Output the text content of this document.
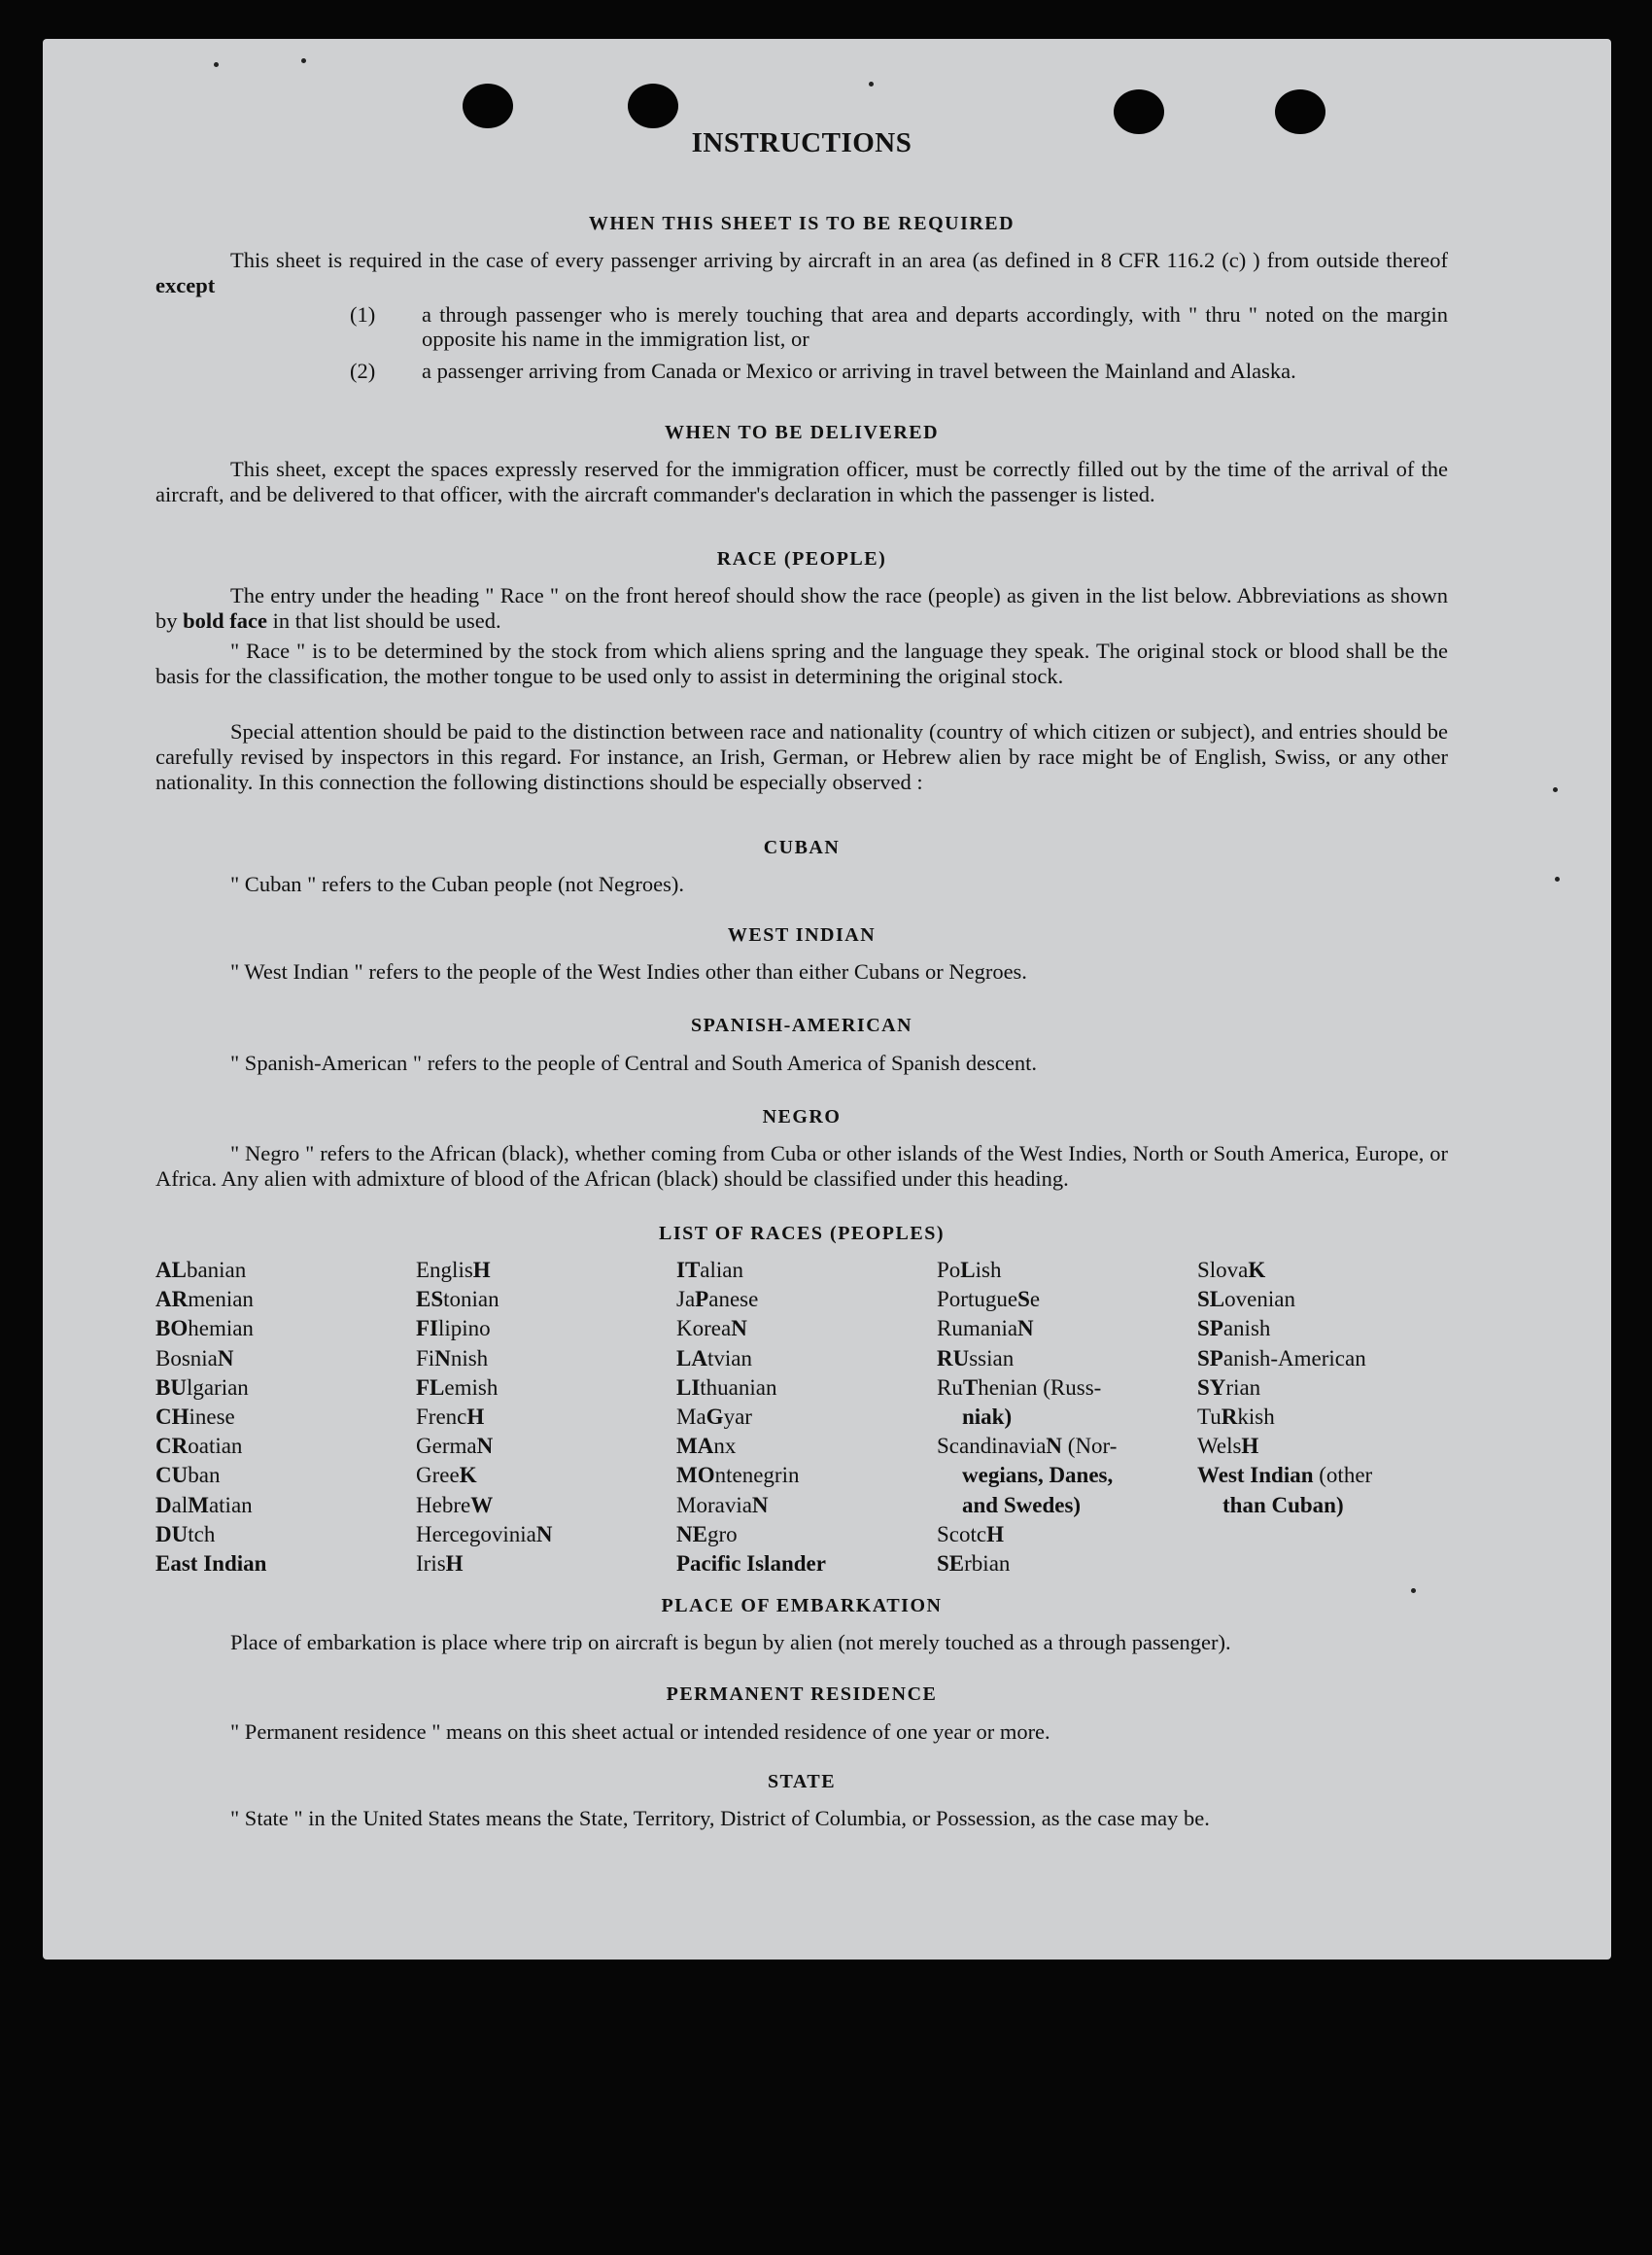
INSTRUCTIONS
WHEN THIS SHEET IS TO BE REQUIRED
This sheet is required in the case of every passenger arriving by aircraft in an area (as defined in 8 CFR 116.2 (c) ) from outside thereof except
(1) a through passenger who is merely touching that area and departs accordingly, with " thru " noted on the margin opposite his name in the immigration list, or
(2) a passenger arriving from Canada or Mexico or arriving in travel between the Mainland and Alaska.
WHEN TO BE DELIVERED
This sheet, except the spaces expressly reserved for the immigration officer, must be correctly filled out by the time of the arrival of the aircraft, and be delivered to that officer, with the aircraft commander's declaration in which the passenger is listed.
RACE (PEOPLE)
The entry under the heading " Race " on the front hereof should show the race (people) as given in the list below. Abbreviations as shown by bold face in that list should be used.
" Race " is to be determined by the stock from which aliens spring and the language they speak. The original stock or blood shall be the basis for the classification, the mother tongue to be used only to assist in determining the original stock.
Special attention should be paid to the distinction between race and nationality (country of which citizen or subject), and entries should be carefully revised by inspectors in this regard. For instance, an Irish, German, or Hebrew alien by race might be of English, Swiss, or any other nationality. In this connection the following distinctions should be especially observed :
CUBAN
" Cuban " refers to the Cuban people (not Negroes).
WEST INDIAN
" West Indian " refers to the people of the West Indies other than either Cubans or Negroes.
SPANISH-AMERICAN
" Spanish-American " refers to the people of Central and South America of Spanish descent.
NEGRO
" Negro " refers to the African (black), whether coming from Cuba or other islands of the West Indies, North or South America, Europe, or Africa. Any alien with admixture of blood of the African (black) should be classified under this heading.
LIST OF RACES (PEOPLES)
ALbanian
ARmenian
BOhemian
BosniaN
BUlgarian
CHinese
CRoatian
CUban
DalMatian
DUtch
East Indian
EnglisH
EStonian
FIlipino
FiNnish
FLemish
FrencH
GermaN
GreeK
HebreW
HercegoviniaN
IrisH
ITalian
JaPanese
KoreaN
LAtvian
LIthuanian
MaGyar
MAnx
MOntenegrin
MoraviaN
NEgro
Pacific Islander
PoLish
PortugueSe
RumaniaN
RUssian
RuThenian (Russ-
niak)
ScandinaviaN (Nor-
wegians, Danes,
and Swedes)
ScotcH
SErbian
SlovaK
SLovenian
SPanish
SPanish-American
SYrian
TuRkish
WelsH
West Indian (other
than Cuban)
PLACE OF EMBARKATION
Place of embarkation is place where trip on aircraft is begun by alien (not merely touched as a through passenger).
PERMANENT RESIDENCE
" Permanent residence " means on this sheet actual or intended residence of one year or more.
STATE
" State " in the United States means the State, Territory, District of Columbia, or Possession, as the case may be.
